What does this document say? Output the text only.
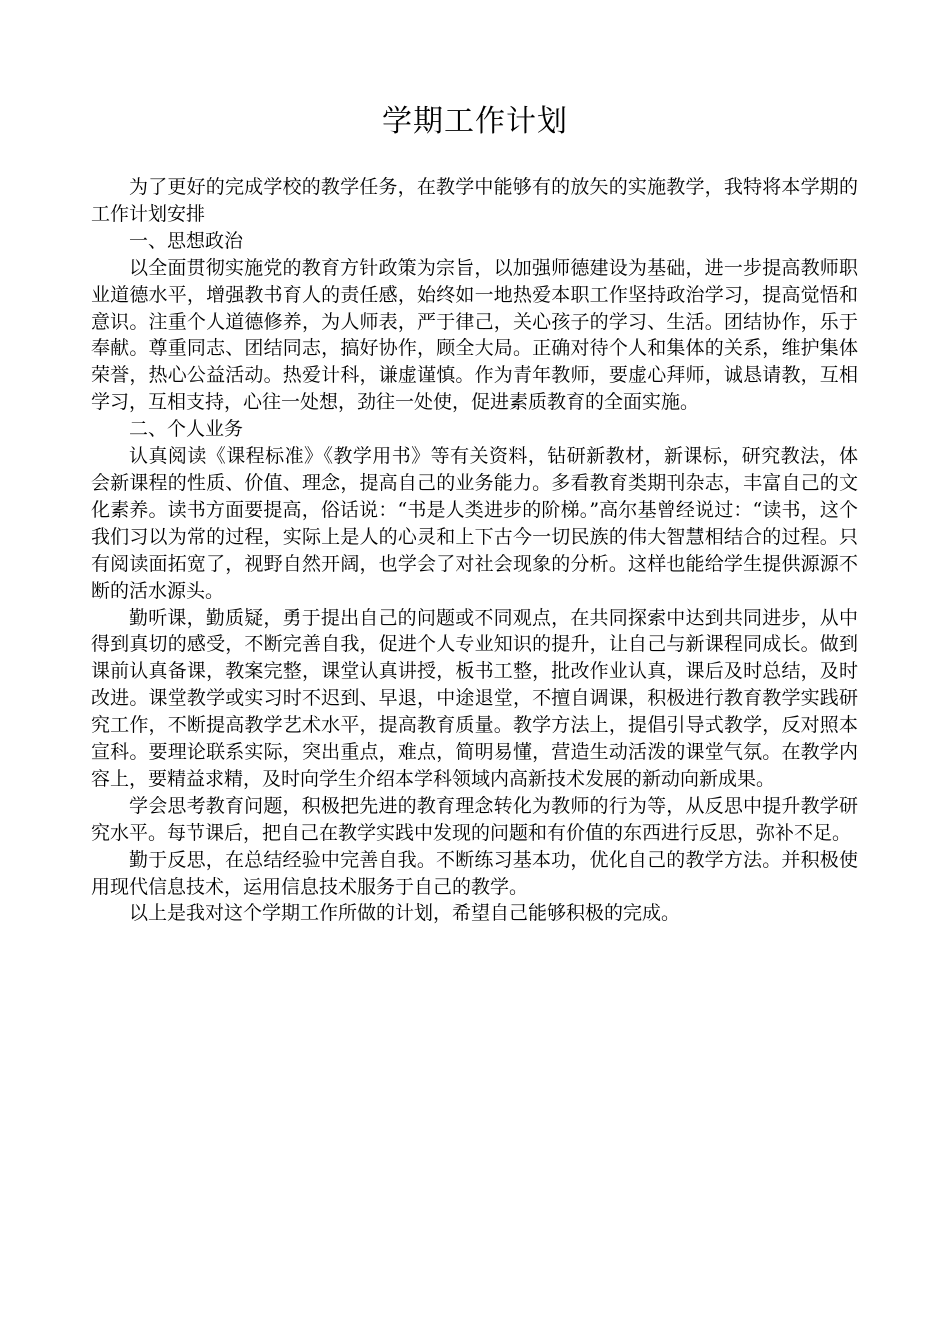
学期工作计划

为了更好的完成学校的教学任务，在教学中能够有的放矢的实施教学，我特将本学期的工作计划安排

一、思想政治

以全面贯彻实施党的教育方针政策为宗旨，以加强师德建设为基础，进一步提高教师职业道德水平，增强教书育人的责任感，始终如一地热爱本职工作坚持政治学习，提高觉悟和意识。注重个人道德修养，为人师表，严于律己，关心孩子的学习、生活。团结协作，乐于奉献。尊重同志、团结同志，搞好协作，顾全大局。正确对待个人和集体的关系，维护集体荣誉，热心公益活动。热爱计科，谦虚谨慎。作为青年教师，要虚心拜师，诚恳请教，互相学习，互相支持，心往一处想，劲往一处使，促进素质教育的全面实施。

二、个人业务

认真阅读《课程标准》《教学用书》等有关资料，钻研新教材，新课标，研究教法，体会新课程的性质、价值、理念，提高自己的业务能力。多看教育类期刊杂志，丰富自己的文化素养。读书方面要提高，俗话说：“书是人类进步的阶梯。”高尔基曾经说过：“读书，这个我们习以为常的过程，实际上是人的心灵和上下古今一切民族的伟大智慧相结合的过程。只有阅读面拓宽了，视野自然开阔，也学会了对社会现象的分析。这样也能给学生提供源源不断的活水源头。

勤听课，勤质疑，勇于提出自己的问题或不同观点，在共同探索中达到共同进步，从中得到真切的感受，不断完善自我，促进个人专业知识的提升，让自己与新课程同成长。做到课前认真备课，教案完整，课堂认真讲授，板书工整，批改作业认真，课后及时总结，及时改进。课堂教学或实习时不迟到、早退，中途退堂，不擅自调课，积极进行教育教学实践研究工作，不断提高教学艺术水平，提高教育质量。教学方法上，提倡引导式教学，反对照本宣科。要理论联系实际，突出重点，难点，简明易懂，营造生动活泼的课堂气氛。在教学内容上，要精益求精，及时向学生介绍本学科领域内高新技术发展的新动向新成果。

学会思考教育问题，积极把先进的教育理念转化为教师的行为等，从反思中提升教学研究水平。每节课后，把自己在教学实践中发现的问题和有价值的东西进行反思，弥补不足。

勤于反思，在总结经验中完善自我。不断练习基本功，优化自己的教学方法。并积极使用现代信息技术，运用信息技术服务于自己的教学。

以上是我对这个学期工作所做的计划，希望自己能够积极的完成。
